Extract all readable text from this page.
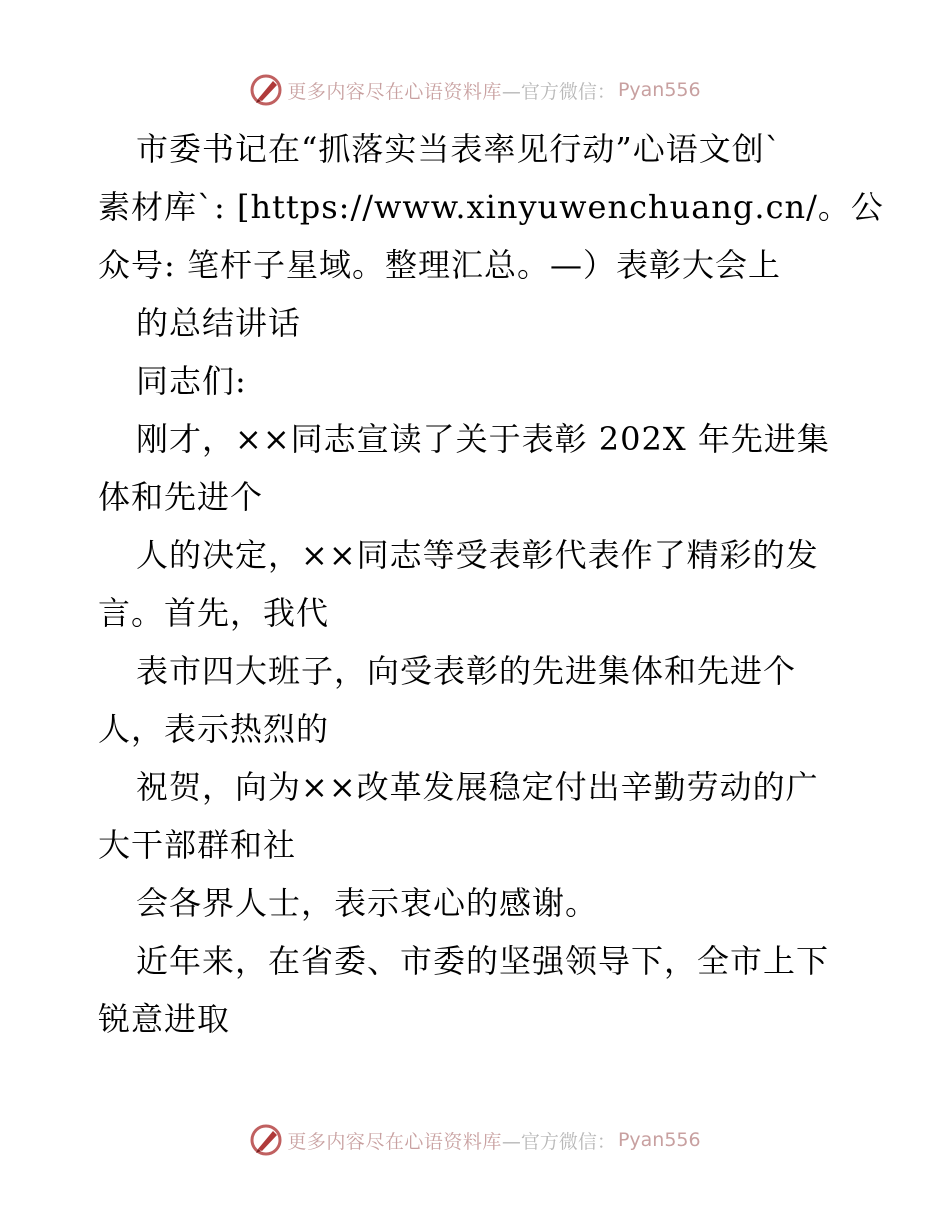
更多内容尽在心语资料库 —官方微信： Pyan556
市委书记在“抓落实当表率见行动”心语文创`
素材库`: [https://www.xinyuwenchuang.cn/。公
众号: 笔杆子星域。整理汇总。—）表彰大会上
的总结讲话
同志们:
刚才，××同志宣读了关于表彰 202X 年先进集
体和先进个
人的决定，××同志等受表彰代表作了精彩的发
言。首先，我代
表市四大班子，向受表彰的先进集体和先进个
人，表示热烈的
祝贺，向为××改革发展稳定付出辛勤劳动的广
大干部群和社
会各界人士，表示衷心的感谢。
近年来，在省委、市委的坚强领导下，全市上下
锐意进取
更多内容尽在心语资料库 —官方微信： Pyan556
